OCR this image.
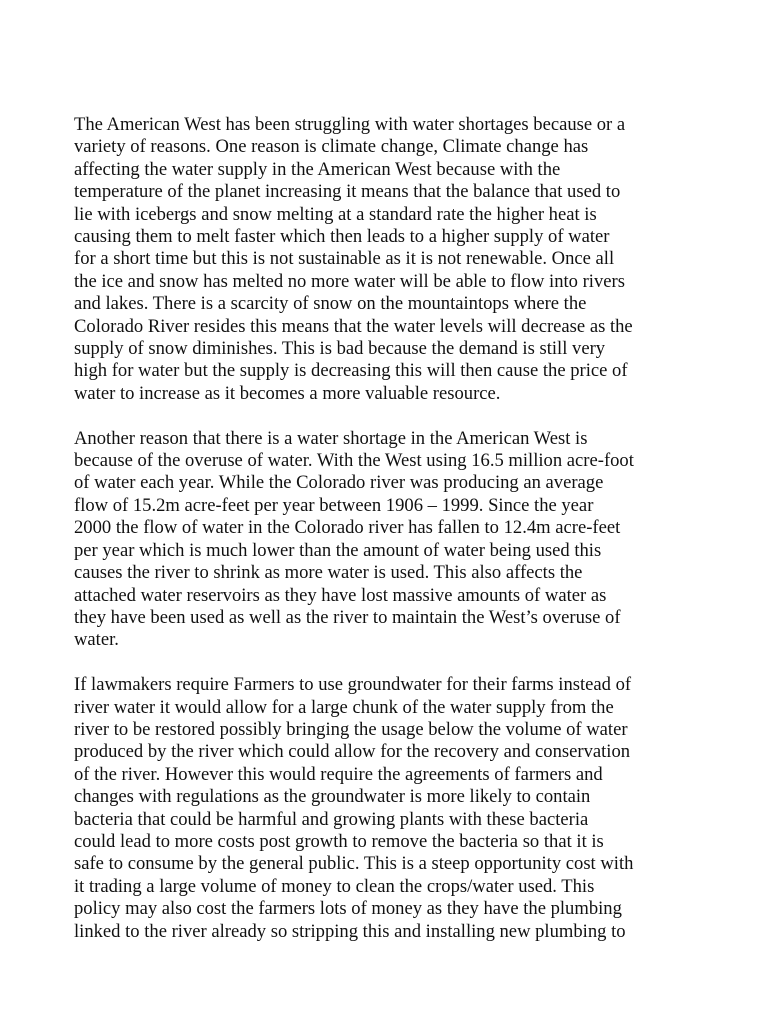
The American West has been struggling with water shortages because or a
variety of reasons. One reason is climate change, Climate change has
affecting the water supply in the American West because with the
temperature of the planet increasing it means that the balance that used to
lie with icebergs and snow melting at a standard rate the higher heat is
causing them to melt faster which then leads to a higher supply of water
for a short time but this is not sustainable as it is not renewable. Once all
the ice and snow has melted no more water will be able to flow into rivers
and lakes. There is a scarcity of snow on the mountaintops where the
Colorado River resides this means that the water levels will decrease as the
supply of snow diminishes. This is bad because the demand is still very
high for water but the supply is decreasing this will then cause the price of
water to increase as it becomes a more valuable resource.

Another reason that there is a water shortage in the American West is
because of the overuse of water. With the West using 16.5 million acre-foot
of water each year. While the Colorado river was producing an average
flow of 15.2m acre-feet per year between 1906 – 1999. Since the year
2000 the flow of water in the Colorado river has fallen to 12.4m acre-feet
per year which is much lower than the amount of water being used this
causes the river to shrink as more water is used. This also affects the
attached water reservoirs as they have lost massive amounts of water as
they have been used as well as the river to maintain the West’s overuse of
water.

If lawmakers require Farmers to use groundwater for their farms instead of
river water it would allow for a large chunk of the water supply from the
river to be restored possibly bringing the usage below the volume of water
produced by the river which could allow for the recovery and conservation
of the river. However this would require the agreements of farmers and
changes with regulations as the groundwater is more likely to contain
bacteria that could be harmful and growing plants with these bacteria
could lead to more costs post growth to remove the bacteria so that it is
safe to consume by the general public. This is a steep opportunity cost with
it trading a large volume of money to clean the crops/water used. This
policy may also cost the farmers lots of money as they have the plumbing
linked to the river already so stripping this and installing new plumbing to
